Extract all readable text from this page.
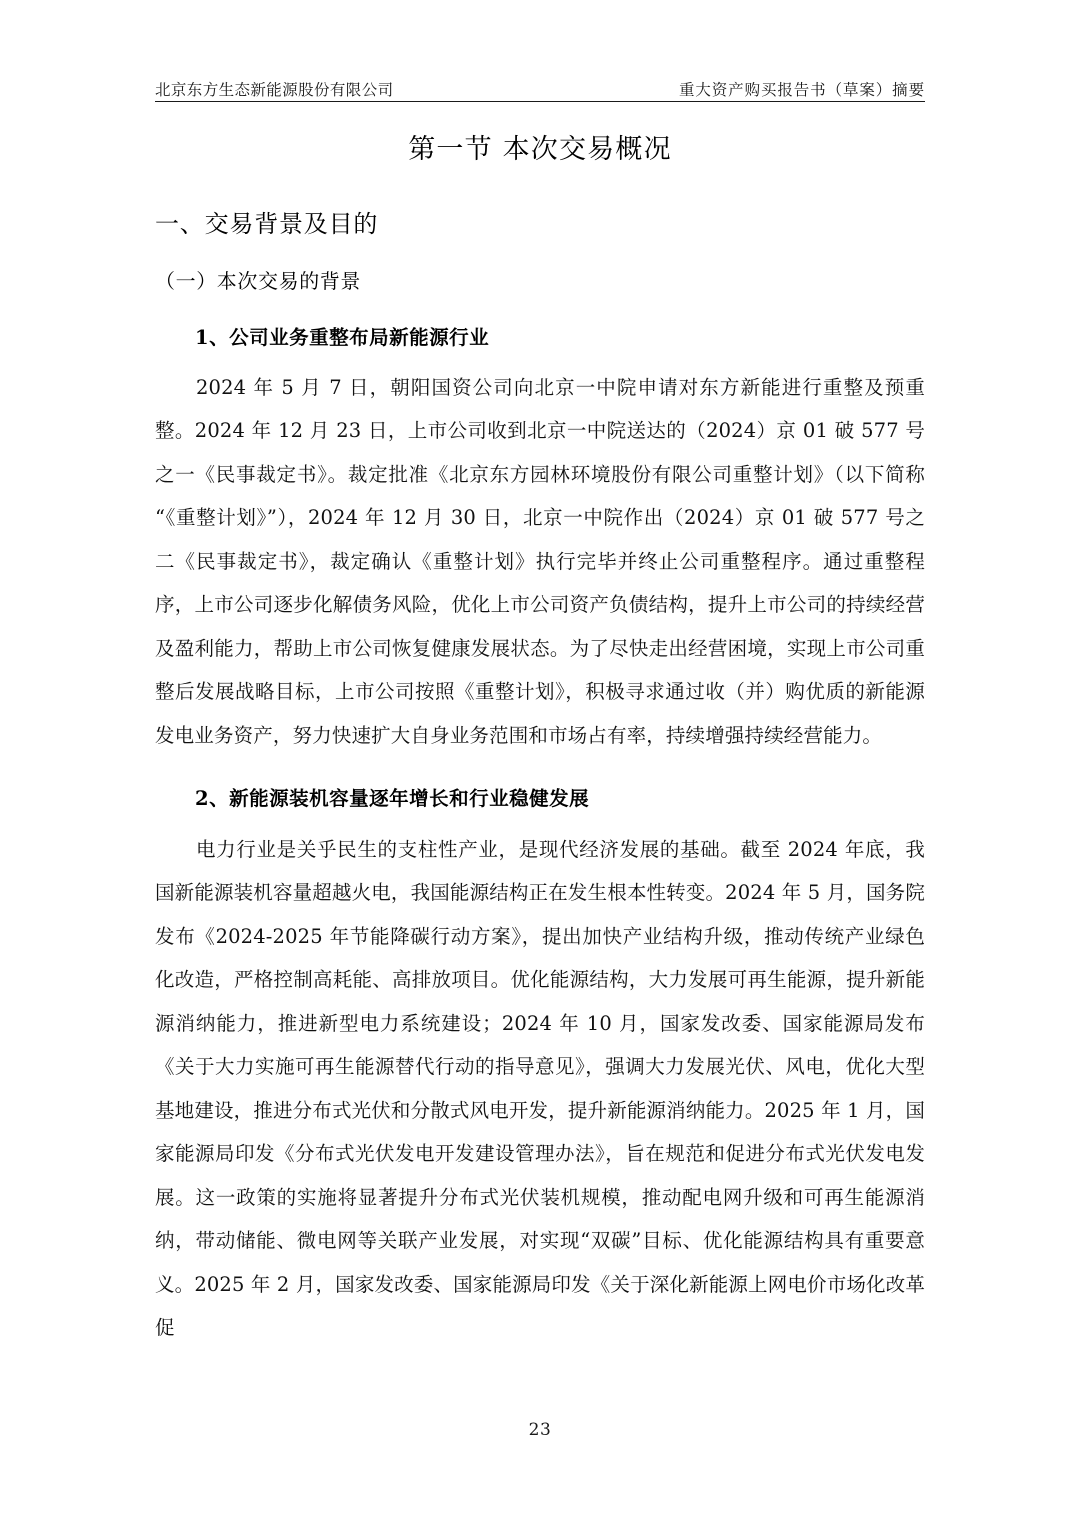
北京东方生态新能源股份有限公司	重大资产购买报告书（草案）摘要
第一节 本次交易概况
一、交易背景及目的
（一）本次交易的背景
1、公司业务重整布局新能源行业

2024 年 5 月 7 日，朝阳国资公司向北京一中院申请对东方新能进行重整及预重整。2024 年 12 月 23 日，上市公司收到北京一中院送达的（2024）京 01 破 577 号之一《民事裁定书》。裁定批准《北京东方园林环境股份有限公司重整计划》（以下简称“《重整计划》”），2024 年 12 月 30 日，北京一中院作出（2024）京 01 破 577 号之二《民事裁定书》，裁定确认《重整计划》执行完毕并终止公司重整程序。通过重整程序，上市公司逐步化解债务风险，优化上市公司资产负债结构，提升上市公司的持续经营及盈利能力，帮助上市公司恢复健康发展状态。为了尽快走出经营困境，实现上市公司重整后发展战略目标，上市公司按照《重整计划》，积极寻求通过收（并）购优质的新能源发电业务资产，努力快速扩大自身业务范围和市场占有率，持续增强持续经营能力。

2、新能源装机容量逐年增长和行业稳健发展

电力行业是关乎民生的支柱性产业，是现代经济发展的基础。截至 2024 年底，我国新能源装机容量超越火电，我国能源结构正在发生根本性转变。2024 年 5 月，国务院发布《2024-2025 年节能降碳行动方案》，提出加快产业结构升级，推动传统产业绿色化改造，严格控制高耗能、高排放项目。优化能源结构，大力发展可再生能源，提升新能源消纳能力，推进新型电力系统建设；2024 年 10 月，国家发改委、国家能源局发布《关于大力实施可再生能源替代行动的指导意见》，强调大力发展光伏、风电，优化大型基地建设，推进分布式光伏和分散式风电开发，提升新能源消纳能力。2025 年 1 月，国家能源局印发《分布式光伏发电开发建设管理办法》，旨在规范和促进分布式光伏发电发展。这一政策的实施将显著提升分布式光伏装机规模，推动配电网升级和可再生能源消纳，带动储能、微电网等关联产业发展，对实现“双碳”目标、优化能源结构具有重要意义。2025 年 2 月，国家发改委、国家能源局印发《关于深化新能源上网电价市场化改革促

23
